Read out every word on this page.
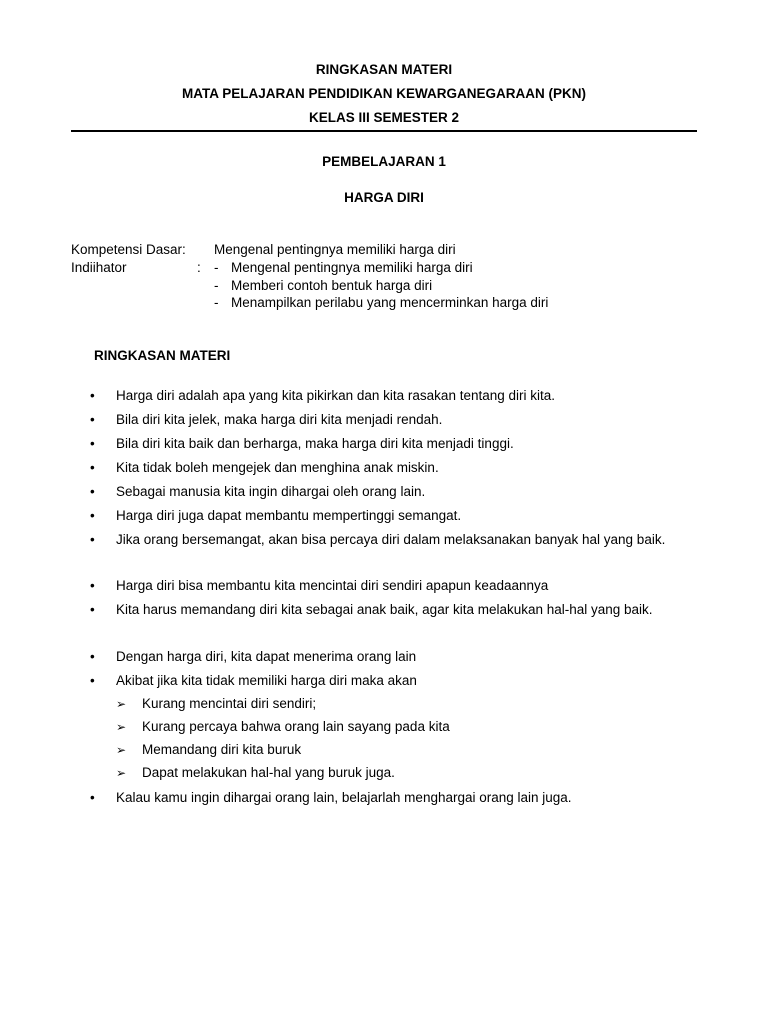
RINGKASAN MATERI
MATA PELAJARAN PENDIDIKAN KEWARGANEGARAAN (PKN)
KELAS III SEMESTER 2
PEMBELAJARAN 1
HARGA DIRI
Kompetensi Dasar: Mengenal pentingnya memiliki harga diri
Indiihator	: - Mengenal pentingnya memiliki harga diri
- Memberi contoh bentuk harga diri
- Menampilkan perilabu yang mencerminkan harga diri
RINGKASAN MATERI
•	Harga diri adalah apa yang kita pikirkan dan kita rasakan tentang diri kita.
•	Bila diri kita jelek, maka harga diri kita menjadi rendah.
•	Bila diri kita baik dan berharga, maka harga diri kita menjadi tinggi.
•	Kita tidak boleh mengejek dan menghina anak miskin.
•	Sebagai manusia kita ingin dihargai oleh orang lain.
•	Harga diri juga dapat membantu mempertinggi semangat.
•	Jika orang bersemangat, akan bisa percaya diri dalam melaksanakan banyak hal yang baik.
•	Harga diri bisa membantu kita mencintai diri sendiri apapun keadaannya
•	Kita harus memandang diri kita sebagai anak baik, agar kita melakukan hal-hal yang baik.
•	Dengan harga diri, kita dapat menerima orang lain
•	Akibat jika kita tidak memiliki harga diri maka akan
➢ Kurang mencintai diri sendiri;
➢ Kurang percaya bahwa orang lain sayang pada kita
➢ Memandang diri kita buruk
➢ Dapat melakukan hal-hal yang buruk juga.
•	Kalau kamu ingin dihargai orang lain, belajarlah menghargai orang lain juga.
